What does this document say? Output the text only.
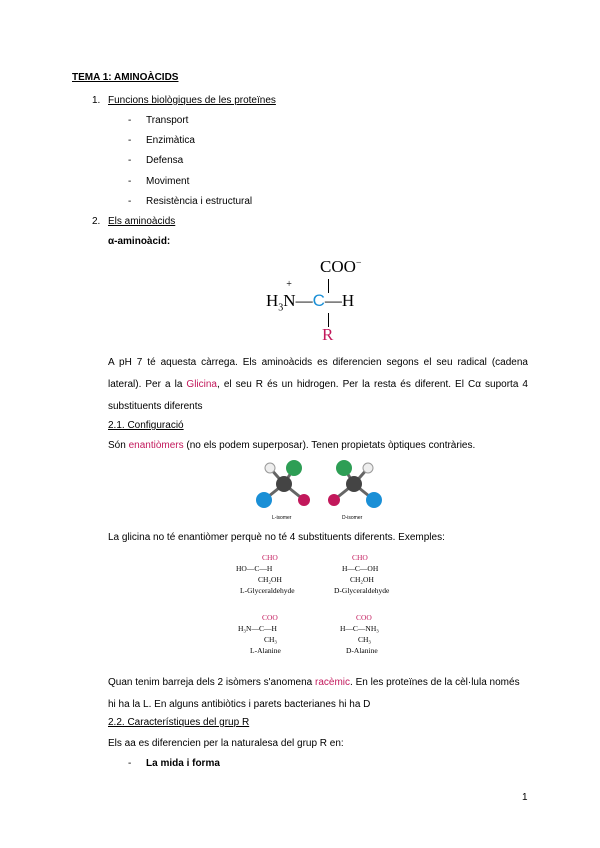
TEMA 1: AMINOÀCIDS
1. Funcions biològiques de les proteïnes
- Transport
- Enzimàtica
- Defensa
- Moviment
- Resistència i estructural
2. Els aminoàcids
α-aminoàcid:
COO−
$H_3N$
+
—C—H
R
A pH 7 té aquesta càrrega. Els aminoàcids es diferencien segons el seu radical (cadena lateral). Per a la Glicina, el seu R és un hidrogen. Per la resta és diferent. El Cα suporta 4 substituents diferents
2.1. Configuració
Són enantiòmers (no els podem superposar). Tenen propietats òptiques contràries.
L-isomer	D-isomer
La glicina no té enantiòmer perquè no té 4 substituents diferents. Exemples:
CHO
HO—C—H
CH₂OH
L-Glyceraldehyde
CHO
H—C—OH
CH₂OH
D-Glyceraldehyde
COO
H₃N—C—H
CH₃
L-Alanine
COO
H—C—NH₃
CH₃
D-Alanine
Quan tenim barreja dels 2 isòmers s'anomena racèmic. En les proteïnes de la cèl·lula només hi ha la L. En alguns antibiòtics i parets bacterianes hi ha D
2.2. Característiques del grup R
Els aa es diferencien per la naturalesa del grup R en:
- La mida i forma
1
